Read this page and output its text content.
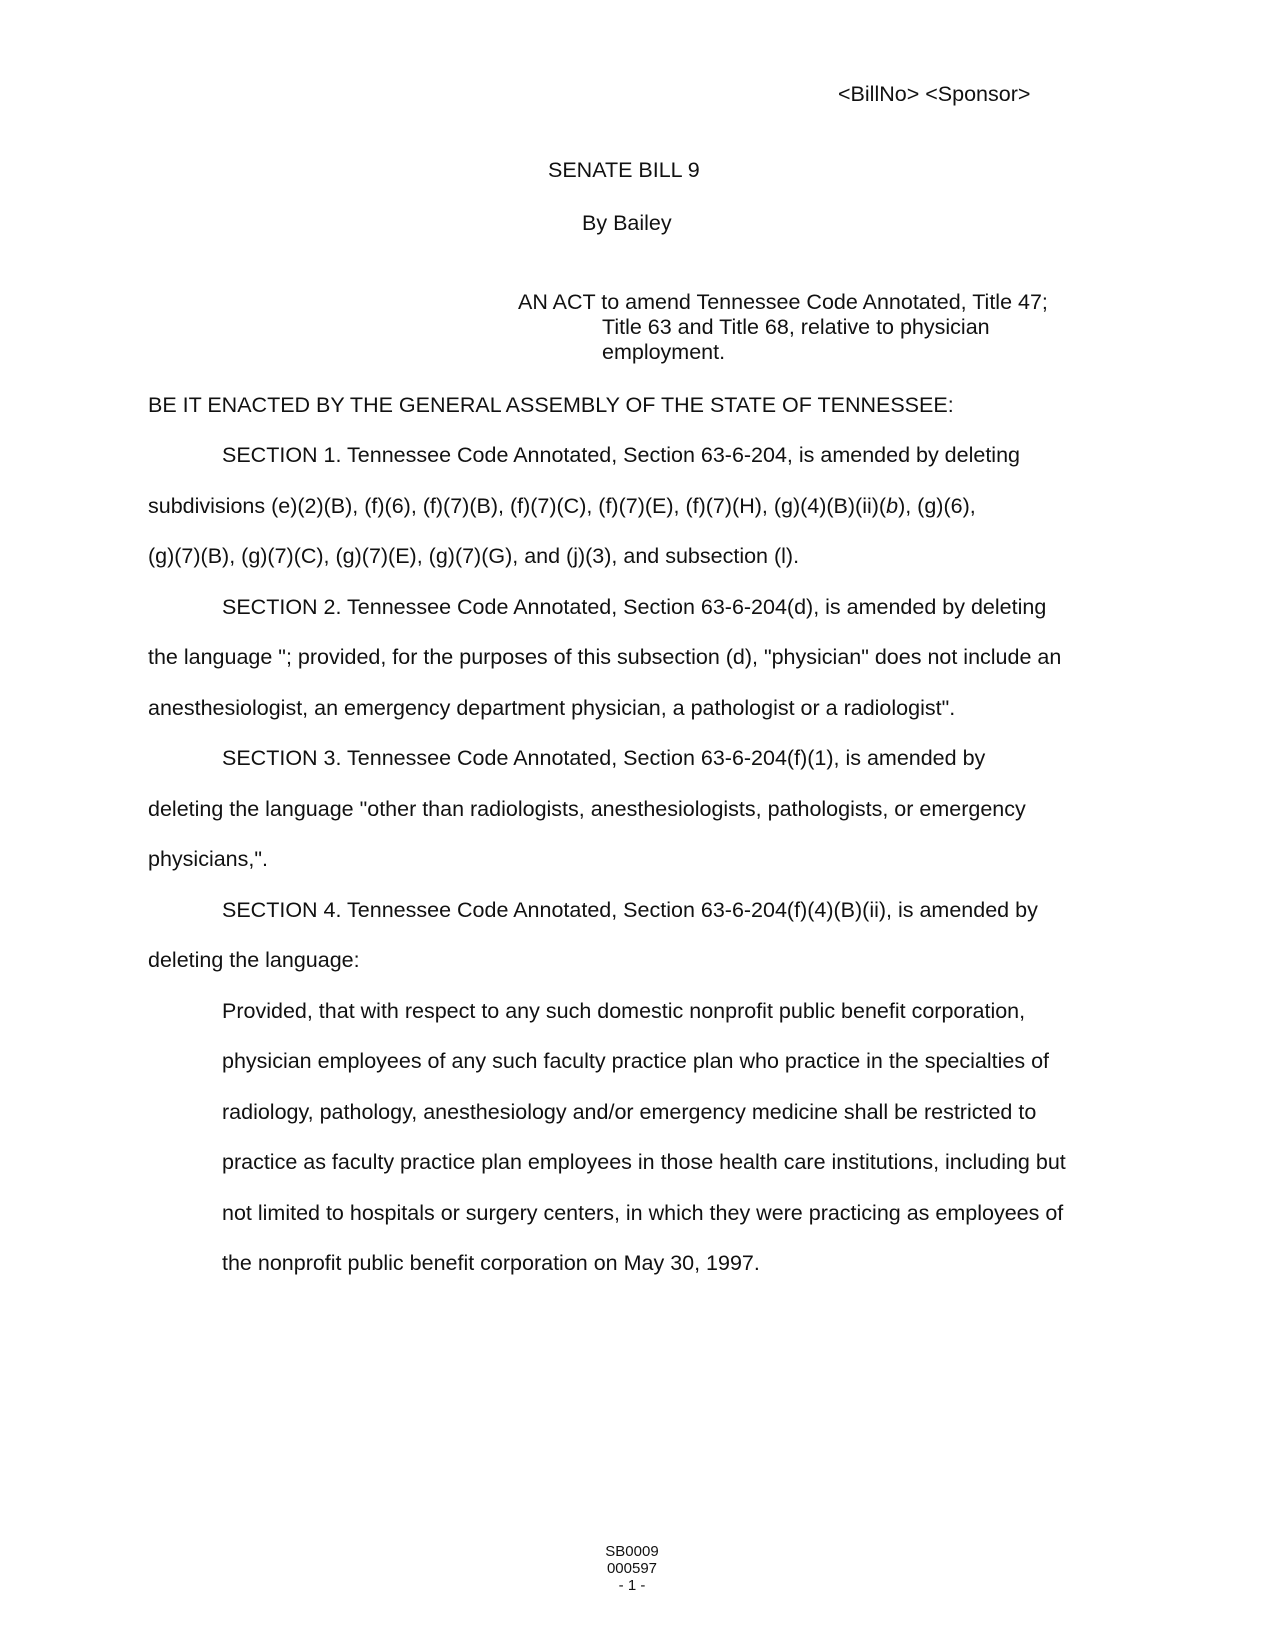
<BillNo> <Sponsor>
SENATE BILL 9
By Bailey
AN ACT to amend Tennessee Code Annotated, Title 47;
Title 63 and Title 68, relative to physician
employment.
BE IT ENACTED BY THE GENERAL ASSEMBLY OF THE STATE OF TENNESSEE:
SECTION 1. Tennessee Code Annotated, Section 63-6-204, is amended by deleting
subdivisions (e)(2)(B), (f)(6), (f)(7)(B), (f)(7)(C), (f)(7)(E), (f)(7)(H), (g)(4)(B)(ii)(b), (g)(6),
(g)(7)(B), (g)(7)(C), (g)(7)(E), (g)(7)(G), and (j)(3), and subsection (l).
SECTION 2. Tennessee Code Annotated, Section 63-6-204(d), is amended by deleting
the language "; provided, for the purposes of this subsection (d), "physician" does not include an
anesthesiologist, an emergency department physician, a pathologist or a radiologist".
SECTION 3. Tennessee Code Annotated, Section 63-6-204(f)(1), is amended by
deleting the language "other than radiologists, anesthesiologists, pathologists, or emergency
physicians,".
SECTION 4. Tennessee Code Annotated, Section 63-6-204(f)(4)(B)(ii), is amended by
deleting the language:
Provided, that with respect to any such domestic nonprofit public benefit corporation,
physician employees of any such faculty practice plan who practice in the specialties of
radiology, pathology, anesthesiology and/or emergency medicine shall be restricted to
practice as faculty practice plan employees in those health care institutions, including but
not limited to hospitals or surgery centers, in which they were practicing as employees of
the nonprofit public benefit corporation on May 30, 1997.
SB0009
000597
- 1 -
